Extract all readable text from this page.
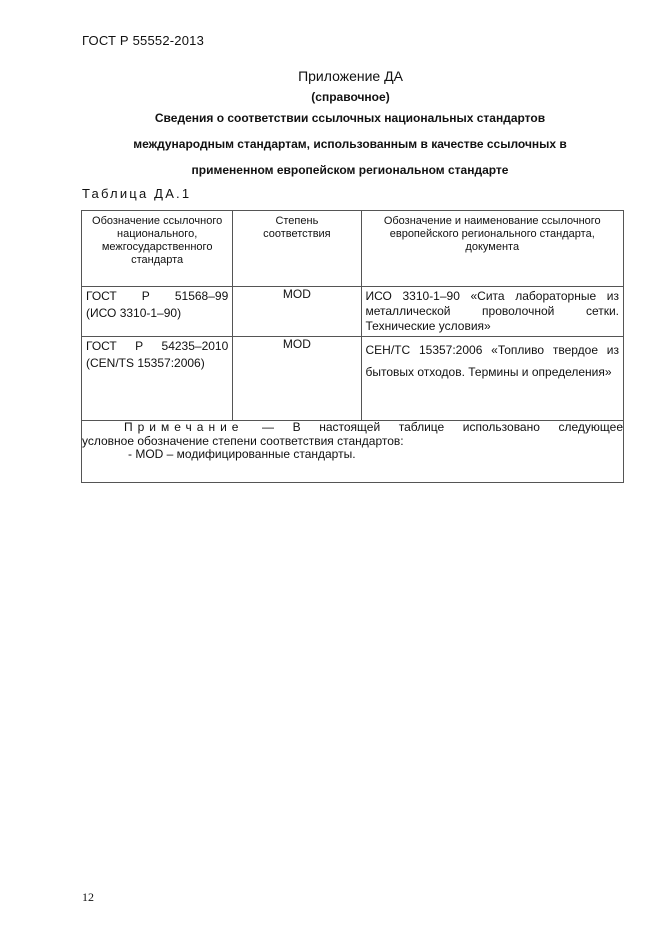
ГОСТ Р 55552-2013
Приложение ДА
(справочное)
Сведения о соответствии ссылочных национальных стандартов
международным стандартам, использованным в качестве ссылочных в
примененном европейском региональном стандарте
Таблица ДА.1
Обозначение ссылочного национального, межгосударственного стандарта	Степень соответствия	Обозначение и наименование ссылочного европейского регионального стандарта, документа

ГОСТ Р 51568–99
(ИСО 3310-1–90)	MOD	ИСО 3310-1–90 «Сита лабораторные из металлической проволочной сетки. Технические условия»

ГОСТ Р 54235–2010
(CEN/TS 15357:2006)	MOD	СЕН/ТС 15357:2006 «Топливо твердое из бытовых отходов. Термины и определения»

Примечание — В настоящей таблице использовано следующее
условное обозначение степени соответствия стандартов:
- MOD – модифицированные стандарты.		
12
